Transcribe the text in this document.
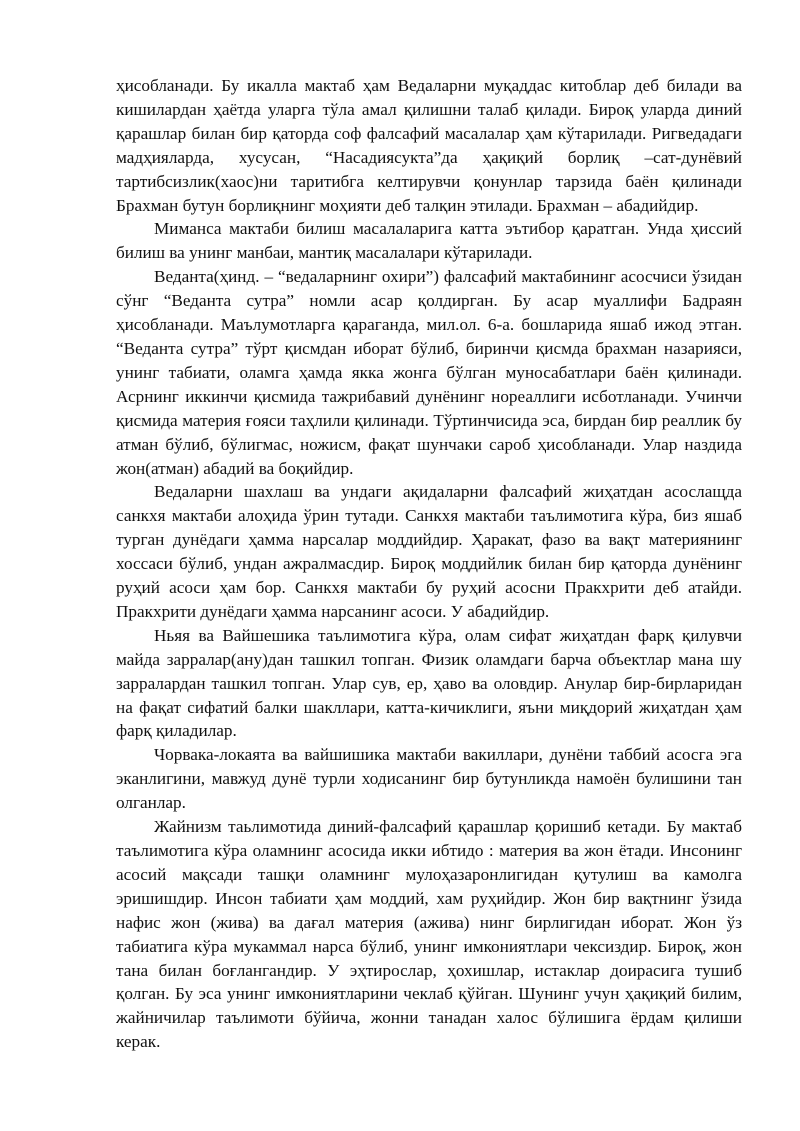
ҳисобланади. Бу икалла мактаб ҳам Ведаларни муқаддас китоблар деб билади ва кишилардан ҳаётда уларга тўла амал қилишни талаб қилади. Бироқ уларда диний қарашлар билан бир қаторда соф фалсафий масалалар ҳам кўтарилади. Ригведадаги мадҳияларда, хусусан, “Насадиясукта”да ҳақиқий борлиқ –сат-дунёвий тартибсизлик(хаос)ни таритибга келтирувчи қонунлар тарзида баён қилинади Брахман бутун борлиқнинг моҳияти деб талқин этилади. Брахман – абадийдир.

Миманса мактаби билиш масалаларига катта эътибор қаратган. Унда ҳиссий билиш ва унинг манбаи, мантиқ масалалари кўтарилади.

Веданта(ҳинд. – “ведаларнинг охири”) фалсафий мактабининг асосчиси ўзидан сўнг “Веданта сутра” номли асар қолдирган. Бу асар муаллифи Бадраян ҳисобланади. Маълумотларга қараганда, мил.ол. 6-а. бошларида яшаб ижод этган. “Веданта сутра” тўрт қисмдан иборат бўлиб, биринчи қисмда брахман назарияси, унинг табиати, оламга ҳамда якка жонга бўлган муносабатлари баён қилинади. Асрнинг иккинчи қисмида тажрибавий дунёнинг нореаллиги исботланади. Учинчи қисмида материя ғояси таҳлили қилинади. Тўртинчисида эса, бирдан бир реаллик бу атман бўлиб, бўлигмас, ножисм, фақат шунчаки сароб ҳисобланади. Улар наздида жон(атман) абадий ва боқийдир.

Ведаларни шахлаш ва ундаги ақидаларни фалсафий жиҳатдан асослащда санкхя мактаби алоҳида ўрин тутади. Санкхя мактаби таълимотига кўра, биз яшаб турган дунёдаги ҳамма нарсалар моддийдир. Ҳаракат, фазо ва вақт материянинг хоссаси бўлиб, ундан ажралмасдир. Бироқ моддийлик билан бир қаторда дунёнинг руҳий асоси ҳам бор. Санкхя мактаби бу руҳий асосни Пракхрити деб атайди. Пракхрити дунёдаги ҳамма нарсанинг асоси. У абадийдир.

Ньяя ва Вайшешика таълимотига кўра, олам сифат жиҳатдан фарқ қилувчи майда зарралар(ану)дан ташкил топган. Физик оламдаги барча объектлар мана шу зарралардан ташкил топган. Улар сув, ер, ҳаво ва оловдир. Анулар бир-бирларидан на фақат сифатий балки шакллари, катта-кичиклиги, яъни миқдорий жиҳатдан ҳам фарқ қиладилар.

Чорвака-локаята ва вайшишика мактаби вакиллари, дунёни таббий асосга эга эканлигини, мавжуд дунё турли ходисанинг бир бутунликда намоён булишини тан олганлар.

Жайнизм таьлимотида диний-фалсафий қарашлар қоришиб кетади. Бу мактаб таълимотига кўра оламнинг асосида икки ибтидо : материя ва жон ётади. Инсонинг асосий мақсади ташқи оламнинг мулоҳазаронлигидан қутулиш ва камолга эришишдир. Инсон табиати ҳам моддий, хам руҳийдир. Жон бир вақтнинг ўзида нафис жон (жива) ва дағал материя (ажива) нинг бирлигидан иборат. Жон ўз табиатига кўра мукаммал нарса бўлиб, унинг имкониятлари чексиздир. Бироқ, жон тана билан боғлангандир. У эҳтирослар, ҳохишлар, истаклар доирасига тушиб қолган. Бу эса унинг имкониятларини чеклаб қўйган. Шунинг учун ҳақиқий билим, жайничилар таълимоти бўйича, жонни танадан халос бўлишига ёрдам қилиши керак.
